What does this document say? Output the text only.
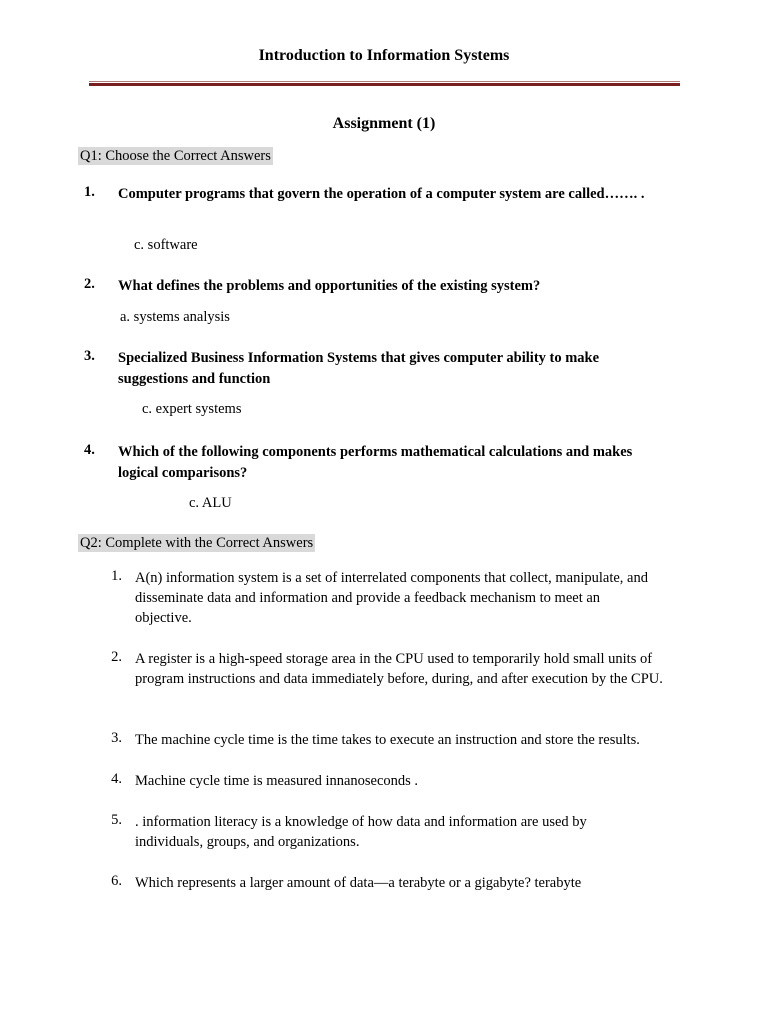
Introduction to Information Systems
Assignment (1)
Q1: Choose the Correct Answers
1.	Computer programs that govern the operation of a computer system are called……. .
c. software
2.	What defines the problems and opportunities of the existing system?
a. systems analysis
3.	Specialized Business Information Systems that gives computer ability to make suggestions and function
c. expert systems
4.	Which of the following components performs mathematical calculations and makes logical comparisons?
c. ALU
Q2: Complete with the Correct Answers
1. A(n) information system is a set of interrelated components that collect, manipulate, and disseminate data and information and provide a feedback mechanism to meet an objective.
2. A register is a high-speed storage area in the CPU used to temporarily hold small units of program instructions and data immediately before, during, and after execution by the CPU.
3. The machine cycle time is the time takes to execute an instruction and store the results.
4. Machine cycle time is measured innanoseconds .
5. . information literacy is a knowledge of how data and information are used by individuals, groups, and organizations.
6. Which represents a larger amount of data—a terabyte or a gigabyte? terabyte
